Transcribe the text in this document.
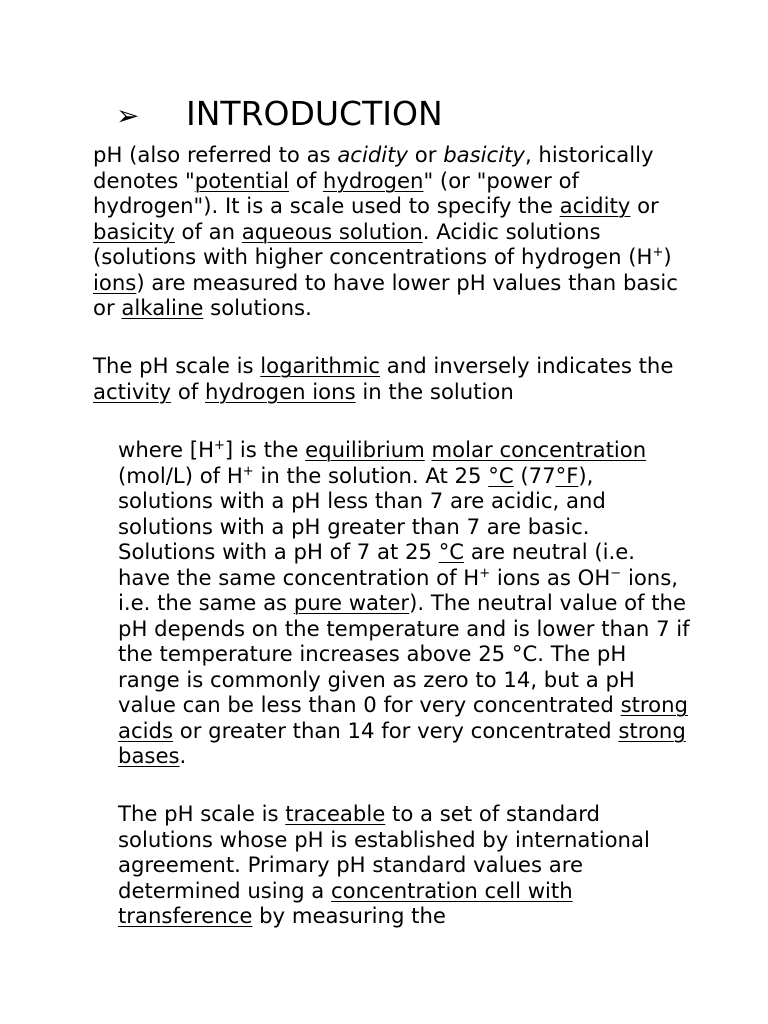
➢ INTRODUCTION

pH (also referred to as acidity or basicity, historically denotes "potential of hydrogen" (or "power of hydrogen"). It is a scale used to specify the acidity or basicity of an aqueous solution. Acidic solutions (solutions with higher concentrations of hydrogen (H+) ions) are measured to have lower pH values than basic or alkaline solutions.

The pH scale is logarithmic and inversely indicates the activity of hydrogen ions in the solution

where [H+] is the equilibrium molar concentration (mol/L) of H+ in the solution. At 25 °C (77°F), solutions with a pH less than 7 are acidic, and solutions with a pH greater than 7 are basic. Solutions with a pH of 7 at 25 °C are neutral (i.e. have the same concentration of H+ ions as OH− ions, i.e. the same as pure water). The neutral value of the pH depends on the temperature and is lower than 7 if the temperature increases above 25 °C. The pH range is commonly given as zero to 14, but a pH value can be less than 0 for very concentrated strong acids or greater than 14 for very concentrated strong bases.

The pH scale is traceable to a set of standard solutions whose pH is established by international agreement. Primary pH standard values are determined using a concentration cell with transference by measuring the
